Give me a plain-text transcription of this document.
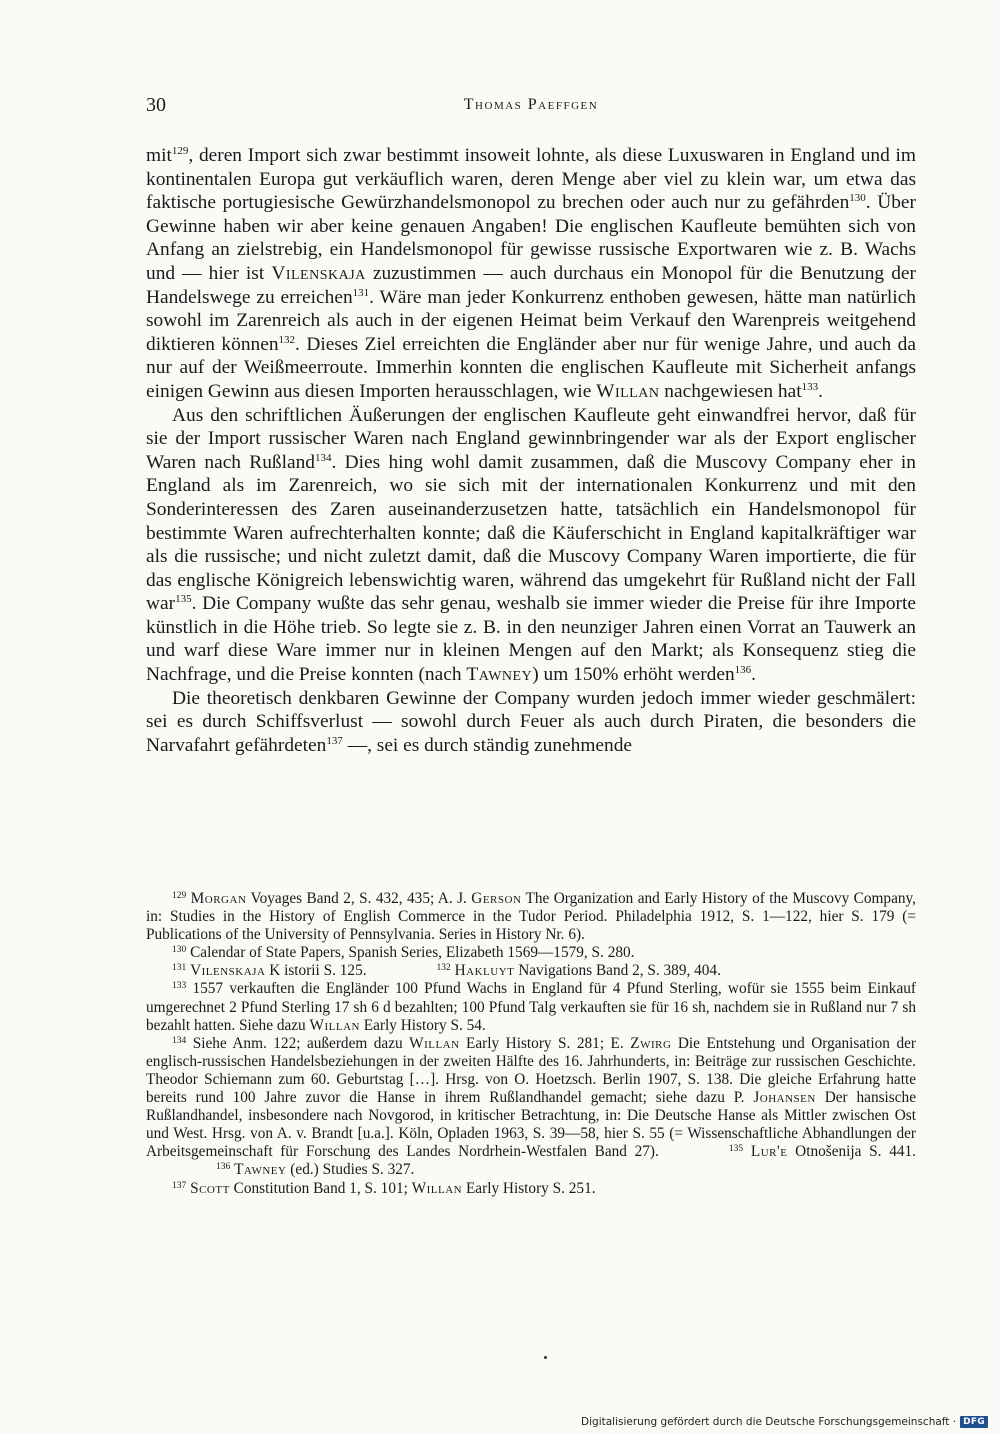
30	Thomas Paeffgen

mit$^{129}$, deren Import sich zwar bestimmt insoweit lohnte, als diese Luxuswaren in England und im kontinentalen Europa gut verkäuflich waren, deren Menge aber viel zu klein war, um etwa das faktische portugiesische Gewürzhandelsmonopol zu brechen oder auch nur zu gefährden$^{130}$. Über Gewinne haben wir aber keine genauen Angaben! Die englischen Kaufleute bemühten sich von Anfang an zielstrebig, ein Handelsmonopol für gewisse russische Exportwaren wie z. B. Wachs und — hier ist Vilenskaja zuzustimmen — auch durchaus ein Monopol für die Benutzung der Handelswege zu erreichen$^{131}$. Wäre man jeder Konkurrenz enthoben gewesen, hätte man natürlich sowohl im Zarenreich als auch in der eigenen Heimat beim Verkauf den Warenpreis weitgehend diktieren können$^{132}$. Dieses Ziel erreichten die Engländer aber nur für wenige Jahre, und auch da nur auf der Weißmeerroute. Immerhin konnten die englischen Kaufleute mit Sicherheit anfangs einigen Gewinn aus diesen Importen herausschlagen, wie Willan nachgewiesen hat$^{133}$.

Aus den schriftlichen Äußerungen der englischen Kaufleute geht einwandfrei hervor, daß für sie der Import russischer Waren nach England gewinnbringender war als der Export englischer Waren nach Rußland$^{134}$. Dies hing wohl damit zusammen, daß die Muscovy Company eher in England als im Zarenreich, wo sie sich mit der internationalen Konkurrenz und mit den Sonderinteressen des Zaren auseinanderzusetzen hatte, tatsächlich ein Handelsmonopol für bestimmte Waren aufrechterhalten konnte; daß die Käuferschicht in England kapitalkräftiger war als die russische; und nicht zuletzt damit, daß die Muscovy Company Waren importierte, die für das englische Königreich lebenswichtig waren, während das umgekehrt für Rußland nicht der Fall war$^{135}$. Die Company wußte das sehr genau, weshalb sie immer wieder die Preise für ihre Importe künstlich in die Höhe trieb. So legte sie z. B. in den neunziger Jahren einen Vorrat an Tauwerk an und warf diese Ware immer nur in kleinen Mengen auf den Markt; als Konsequenz stieg die Nachfrage, und die Preise konnten (nach Tawney) um 150% erhöht werden$^{136}$.

Die theoretisch denkbaren Gewinne der Company wurden jedoch immer wieder geschmälert: sei es durch Schiffsverlust — sowohl durch Feuer als auch durch Piraten, die besonders die Narvafahrt gefährdeten$^{137}$ —, sei es durch ständig zunehmende

$^{129}$ Morgan Voyages Band 2, S. 432, 435; A. J. Gerson The Organization and Early History of the Muscovy Company, in: Studies in the History of English Commerce in the Tudor Period. Philadelphia 1912, S. 1—122, hier S. 179 (= Publications of the University of Pennsylvania. Series in History Nr. 6).

$^{130}$ Calendar of State Papers, Spanish Series, Elizabeth 1569—1579, S. 280.

$^{131}$ Vilenskaja K istorii S. 125.	$^{132}$ Hakluyt Navigations Band 2, S. 389, 404.

$^{133}$ 1557 verkauften die Engländer 100 Pfund Wachs in England für 4 Pfund Sterling, wofür sie 1555 beim Einkauf umgerechnet 2 Pfund Sterling 17 sh 6 d bezahlten; 100 Pfund Talg verkauften sie für 16 sh, nachdem sie in Rußland nur 7 sh bezahlt hatten. Siehe dazu Willan Early History S. 54.

$^{134}$ Siehe Anm. 122; außerdem dazu Willan Early History S. 281; E. Zwirg Die Entstehung und Organisation der englisch-russischen Handelsbeziehungen in der zweiten Hälfte des 16. Jahrhunderts, in: Beiträge zur russischen Geschichte. Theodor Schiemann zum 60. Geburtstag […]. Hrsg. von O. Hoetzsch. Berlin 1907, S. 138. Die gleiche Erfahrung hatte bereits rund 100 Jahre zuvor die Hanse in ihrem Rußlandhandel gemacht; siehe dazu P. Johansen Der hansische Rußlandhandel, insbesondere nach Novgorod, in kritischer Betrachtung, in: Die Deutsche Hanse als Mittler zwischen Ost und West. Hrsg. von A. v. Brandt [u.a.]. Köln, Opladen 1963, S. 39—58, hier S. 55 (= Wissenschaftliche Abhandlungen der Arbeitsgemeinschaft für Forschung des Landes Nordrhein-Westfalen Band 27).	$^{135}$ Lur'e Otnošenija S. 441.$^{136}$ Tawney (ed.) Studies S. 327.

$^{137}$ Scott Constitution Band 1, S. 101; Willan Early History S. 251.

Digitalisierung gefördert durch die Deutsche Forschungsgemeinschaft · DFG
